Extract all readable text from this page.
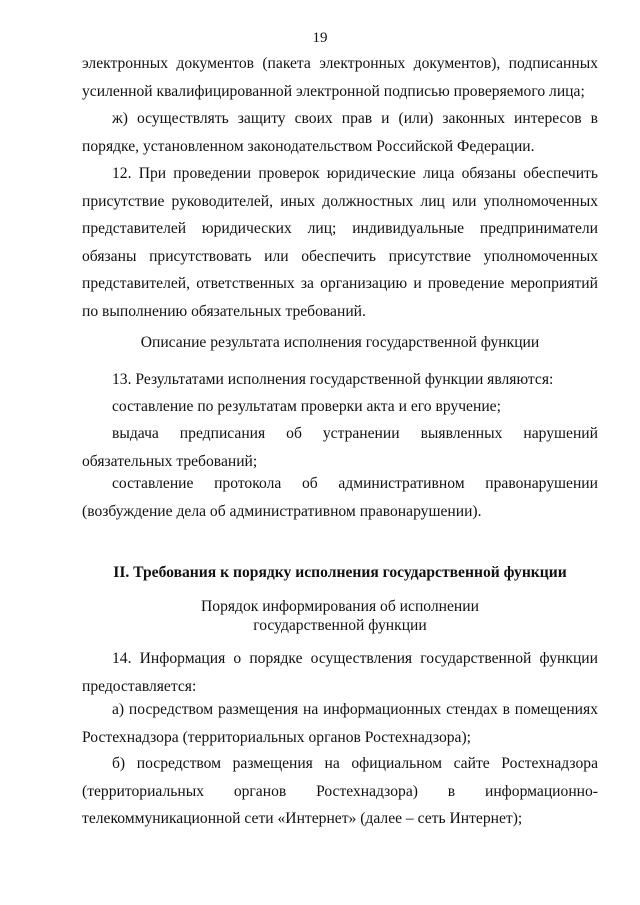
19

электронных документов (пакета электронных документов), подписанных усиленной квалифицированной электронной подписью проверяемого лица;

ж) осуществлять защиту своих прав и (или) законных интересов в порядке, установленном законодательством Российской Федерации.

12. При проведении проверок юридические лица обязаны обеспечить присутствие руководителей, иных должностных лиц или уполномоченных представителей юридических лиц; индивидуальные предприниматели обязаны присутствовать или обеспечить присутствие уполномоченных представителей, ответственных за организацию и проведение мероприятий по выполнению обязательных требований.

Описание результата исполнения государственной функции

13. Результатами исполнения государственной функции являются:

составление по результатам проверки акта и его вручение;

выдача предписания об устранении выявленных нарушений обязательных требований;

составление протокола об административном правонарушении (возбуждение дела об административном правонарушении).

II. Требования к порядку исполнения государственной функции

Порядок информирования об исполнении

государственной функции

14. Информация о порядке осуществления государственной функции предоставляется:

а) посредством размещения на информационных стендах в помещениях Ростехнадзора (территориальных органов Ростехнадзора);

б) посредством размещения на официальном сайте Ростехнадзора (территориальных органов Ростехнадзора) в информационно-телекоммуникационной сети «Интернет» (далее – сеть Интернет);
